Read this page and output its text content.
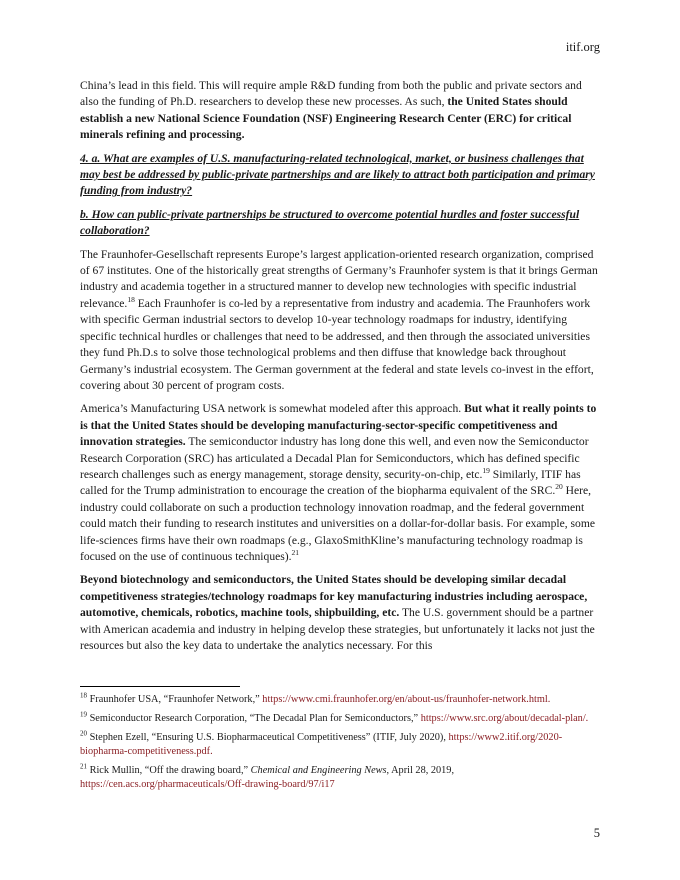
itif.org

China’s lead in this field. This will require ample R&D funding from both the public and private sectors and also the funding of Ph.D. researchers to develop these new processes. As such, the United States should establish a new National Science Foundation (NSF) Engineering Research Center (ERC) for critical minerals refining and processing.

4. a. What are examples of U.S. manufacturing-related technological, market, or business challenges that may best be addressed by public-private partnerships and are likely to attract both participation and primary funding from industry?

b. How can public-private partnerships be structured to overcome potential hurdles and foster successful collaboration?

The Fraunhofer-Gesellschaft represents Europe’s largest application-oriented research organization, comprised of 67 institutes. One of the historically great strengths of Germany’s Fraunhofer system is that it brings German industry and academia together in a structured manner to develop new technologies with specific industrial relevance.$^{18}$ Each Fraunhofer is co-led by a representative from industry and academia. The Fraunhofers work with specific German industrial sectors to develop 10-year technology roadmaps for industry, identifying specific technical hurdles or challenges that need to be addressed, and then through the associated universities they fund Ph.D.s to solve those technological problems and then diffuse that knowledge back throughout Germany’s industrial ecosystem. The German government at the federal and state levels co-invest in the effort, covering about 30 percent of program costs.

America’s Manufacturing USA network is somewhat modeled after this approach. But what it really points to is that the United States should be developing manufacturing-sector-specific competitiveness and innovation strategies. The semiconductor industry has long done this well, and even now the Semiconductor Research Corporation (SRC) has articulated a Decadal Plan for Semiconductors, which has defined specific research challenges such as energy management, storage density, security-on-chip, etc.$^{19}$ Similarly, ITIF has called for the Trump administration to encourage the creation of the biopharma equivalent of the SRC.$^{20}$ Here, industry could collaborate on such a production technology innovation roadmap, and the federal government could match their funding to research institutes and universities on a dollar-for-dollar basis. For example, some life-sciences firms have their own roadmaps (e.g., GlaxoSmithKline’s manufacturing technology roadmap is focused on the use of continuous techniques).$^{21}$

Beyond biotechnology and semiconductors, the United States should be developing similar decadal competitiveness strategies/technology roadmaps for key manufacturing industries including aerospace, automotive, chemicals, robotics, machine tools, shipbuilding, etc. The U.S. government should be a partner with American academia and industry in helping develop these strategies, but unfortunately it lacks not just the resources but also the key data to undertake the analytics necessary. For this

$^{18}$ Fraunhofer USA, “Fraunhofer Network,” https://www.cmi.fraunhofer.org/en/about-us/fraunhofer-network.html.
$^{19}$ Semiconductor Research Corporation, “The Decadal Plan for Semiconductors,” https://www.src.org/about/decadal-plan/.
$^{20}$ Stephen Ezell, “Ensuring U.S. Biopharmaceutical Competitiveness” (ITIF, July 2020), https://www2.itif.org/2020-biopharma-competitiveness.pdf.
$^{21}$ Rick Mullin, “Off the drawing board,” Chemical and Engineering News, April 28, 2019, https://cen.acs.org/pharmaceuticals/Off-drawing-board/97/i17
5
